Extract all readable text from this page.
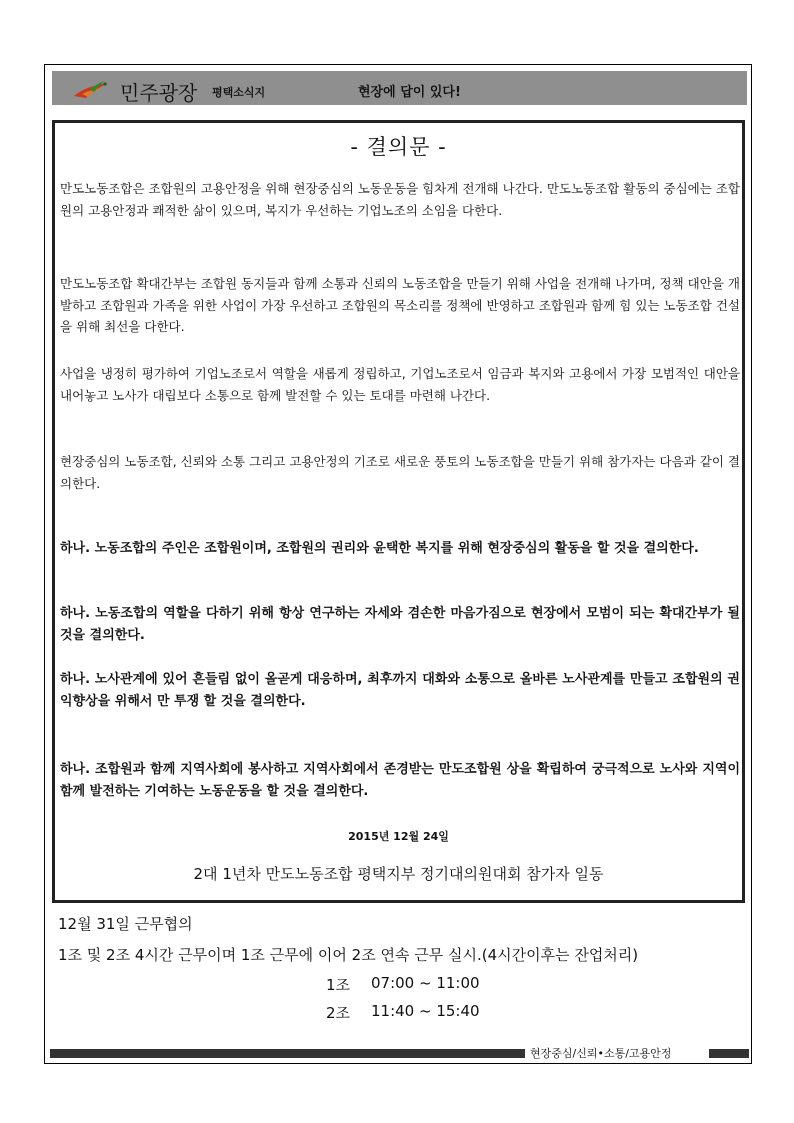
민주광장 평택소식지	현장에 답이 있다!
- 결의문 -

만도노동조합은 조합원의 고용안정을 위해 현장중심의 노동운동을 힘차게 전개해 나간다. 만도노동조합 활동의 중심에는 조합원의 고용안정과 쾌적한 삶이 있으며, 복지가 우선하는 기업노조의 소임을 다한다.

만도노동조합 확대간부는 조합원 동지들과 함께 소통과 신뢰의 노동조합을 만들기 위해 사업을 전개해 나가며, 정책 대안을 개발하고 조합원과 가족을 위한 사업이 가장 우선하고 조합원의 목소리를 정책에 반영하고 조합원과 함께 힘 있는 노동조합 건설을 위해 최선을 다한다.

사업을 냉정히 평가하여 기업노조로서 역할을 새롭게 정립하고, 기업노조로서 임금과 복지와 고용에서 가장 모범적인 대안을 내어놓고 노사가 대립보다 소통으로 함께 발전할 수 있는 토대를 마련해 나간다.

현장중심의 노동조합, 신뢰와 소통 그리고 고용안정의 기조로 새로운 풍토의 노동조합을 만들기 위해 참가자는 다음과 같이 결의한다.

하나. 노동조합의 주인은 조합원이며, 조합원의 권리와 윤택한 복지를 위해 현장중심의 활동을 할 것을 결의한다.

하나. 노동조합의 역할을 다하기 위해 항상 연구하는 자세와 겸손한 마음가짐으로 현장에서 모범이 되는 확대간부가 될 것을 결의한다.

하나. 노사관계에 있어 흔들림 없이 올곧게 대응하며, 최후까지 대화와 소통으로 올바른 노사관계를 만들고 조합원의 권익향상을 위해서 만 투쟁 할 것을 결의한다.

하나. 조합원과 함께 지역사회에 봉사하고 지역사회에서 존경받는 만도조합원 상을 확립하여 궁극적으로 노사와 지역이 함께 발전하는 기여하는 노동운동을 할 것을 결의한다.

2015년 12월 24일
2대 1년차 만도노동조합 평택지부 정기대의원대회 참가자 일동
12월 31일 근무협의
1조 및 2조 4시간 근무이며 1조 근무에 이어 2조 연속 근무 실시.(4시간이후는 잔업처리)
1조 07:00 ~ 11:00
2조 11:40 ~ 15:40
현장중심/신뢰•소통/고용안정
